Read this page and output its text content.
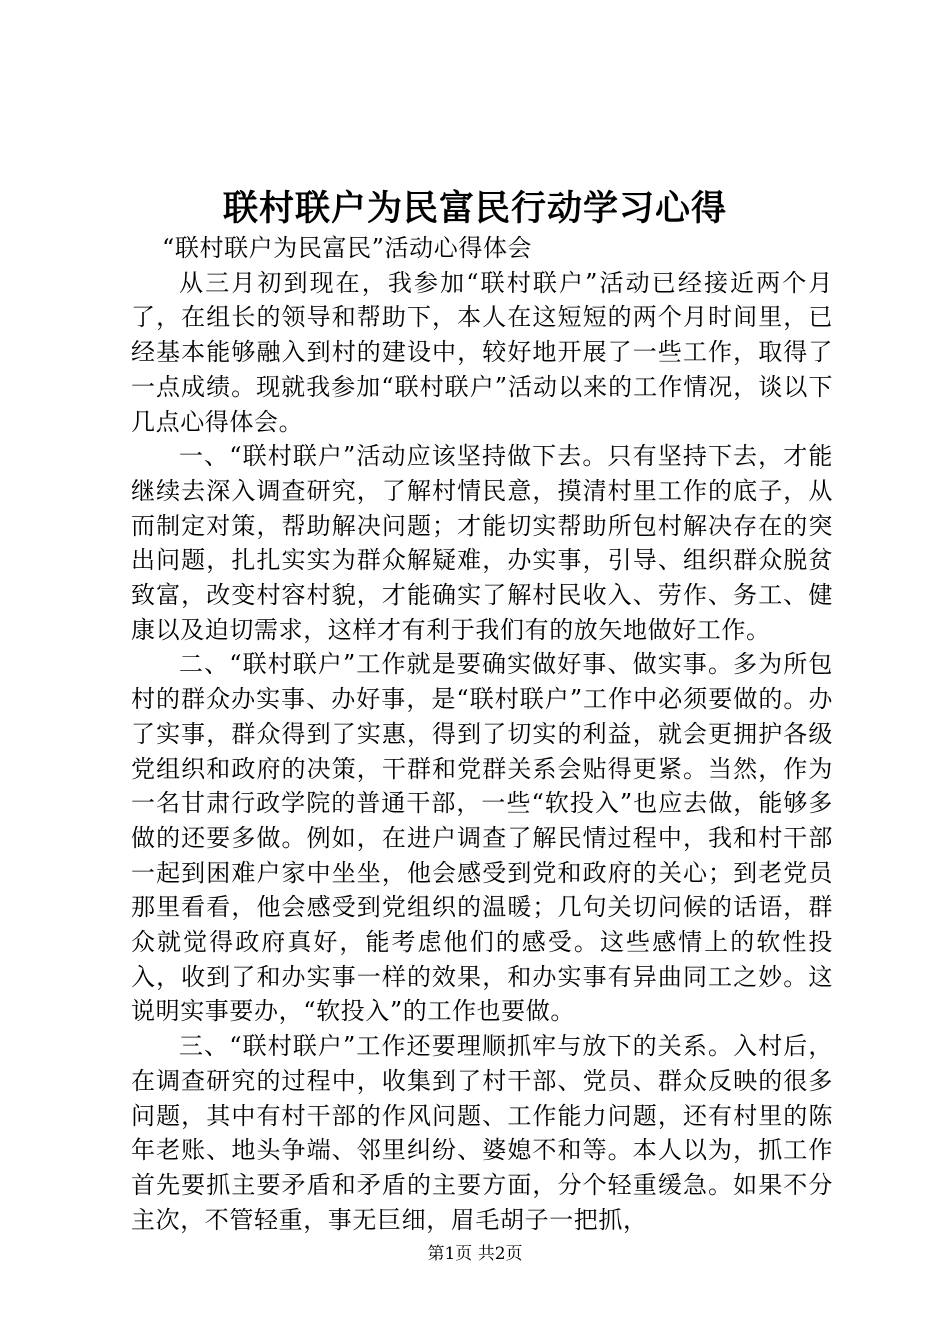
联村联户为民富民行动学习心得

“联村联户为民富民”活动心得体会

从三月初到现在，我参加“联村联户”活动已经接近两个月了，在组长的领导和帮助下，本人在这短短的两个月时间里，已经基本能够融入到村的建设中，较好地开展了一些工作，取得了一点成绩。现就我参加“联村联户”活动以来的工作情况，谈以下几点心得体会。

一、“联村联户”活动应该坚持做下去。只有坚持下去，才能继续去深入调查研究，了解村情民意，摸清村里工作的底子，从而制定对策，帮助解决问题；才能切实帮助所包村解决存在的突出问题，扎扎实实为群众解疑难，办实事，引导、组织群众脱贫致富，改变村容村貌，才能确实了解村民收入、劳作、务工、健康以及迫切需求，这样才有利于我们有的放矢地做好工作。

二、“联村联户”工作就是要确实做好事、做实事。多为所包村的群众办实事、办好事，是“联村联户”工作中必须要做的。办了实事，群众得到了实惠，得到了切实的利益，就会更拥护各级党组织和政府的决策，干群和党群关系会贴得更紧。当然，作为一名甘肃行政学院的普通干部，一些“软投入”也应去做，能够多做的还要多做。例如，在进户调查了解民情过程中，我和村干部一起到困难户家中坐坐，他会感受到党和政府的关心；到老党员那里看看，他会感受到党组织的温暖；几句关切问候的话语，群众就觉得政府真好，能考虑他们的感受。这些感情上的软性投入，收到了和办实事一样的效果，和办实事有异曲同工之妙。这说明实事要办，“软投入”的工作也要做。

三、“联村联户”工作还要理顺抓牢与放下的关系。入村后，在调查研究的过程中，收集到了村干部、党员、群众反映的很多问题，其中有村干部的作风问题、工作能力问题，还有村里的陈年老账、地头争端、邻里纠纷、婆媳不和等。本人以为，抓工作首先要抓主要矛盾和矛盾的主要方面，分个轻重缓急。如果不分主次，不管轻重，事无巨细，眉毛胡子一把抓，

第1页 共2页
